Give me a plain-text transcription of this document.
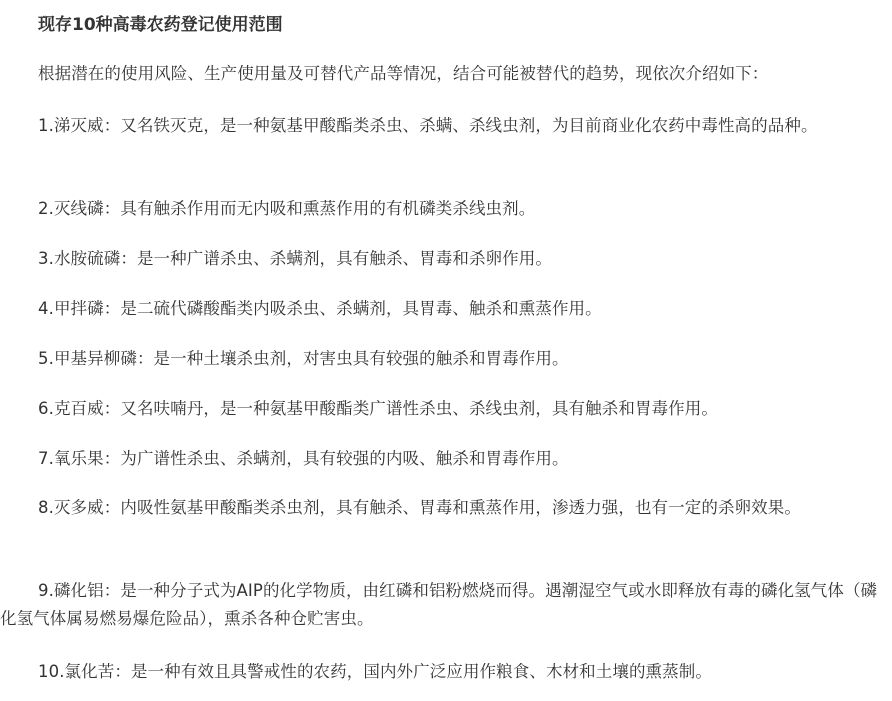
现存10种高毒农药登记使用范围

根据潜在的使用风险、生产使用量及可替代产品等情况，结合可能被替代的趋势，现依次介绍如下：

1.涕灭威：又名铁灭克，是一种氨基甲酸酯类杀虫、杀螨、杀线虫剂，为目前商业化农药中毒性高的品种。

2.灭线磷：具有触杀作用而无内吸和熏蒸作用的有机磷类杀线虫剂。

3.水胺硫磷：是一种广谱杀虫、杀螨剂，具有触杀、胃毒和杀卵作用。

4.甲拌磷：是二硫代磷酸酯类内吸杀虫、杀螨剂，具胃毒、触杀和熏蒸作用。

5.甲基异柳磷：是一种土壤杀虫剂，对害虫具有较强的触杀和胃毒作用。

6.克百威：又名呋喃丹，是一种氨基甲酸酯类广谱性杀虫、杀线虫剂，具有触杀和胃毒作用。

7.氧乐果：为广谱性杀虫、杀螨剂，具有较强的内吸、触杀和胃毒作用。

8.灭多威：内吸性氨基甲酸酯类杀虫剂，具有触杀、胃毒和熏蒸作用，渗透力强，也有一定的杀卵效果。

9.磷化铝：是一种分子式为AIP的化学物质，由红磷和铝粉燃烧而得。遇潮湿空气或水即释放有毒的磷化氢气体（磷化氢气体属易燃易爆危险品），熏杀各种仓贮害虫。

10.氯化苦：是一种有效且具警戒性的农药，国内外广泛应用作粮食、木材和土壤的熏蒸制。
